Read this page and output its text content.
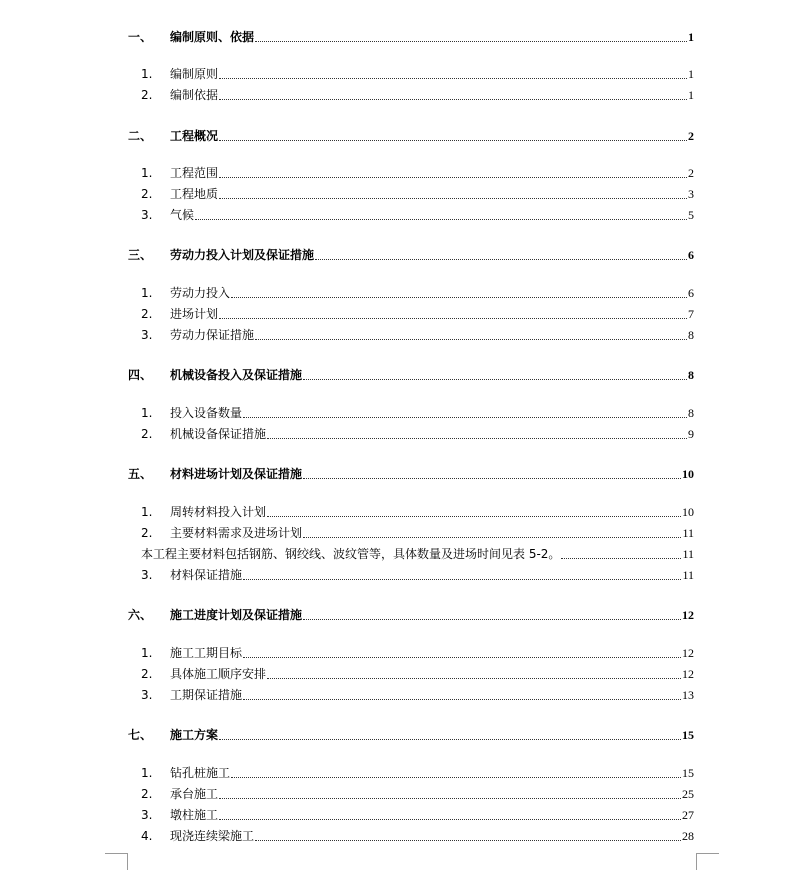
一、 编制原则、依据	1
1. 编制原则	1
2. 编制依据	1
二、 工程概况	2
1. 工程范围	2
2. 工程地质	3
3. 气候	5
三、 劳动力投入计划及保证措施	6
1. 劳动力投入	6
2. 进场计划	7
3. 劳动力保证措施	8
四、 机械设备投入及保证措施	8
1. 投入设备数量	8
2. 机械设备保证措施	9
五、 材料进场计划及保证措施	10
1. 周转材料投入计划	10
2. 主要材料需求及进场计划	11
本工程主要材料包括钢筋、钢绞线、波纹管等，具体数量及进场时间见表 5-2。	11
3. 材料保证措施	11
六、 施工进度计划及保证措施	12
1. 施工工期目标	12
2. 具体施工顺序安排	12
3. 工期保证措施	13
七、 施工方案	15
1. 钻孔桩施工	15
2. 承台施工	25
3. 墩柱施工	27
4. 现浇连续梁施工	28
